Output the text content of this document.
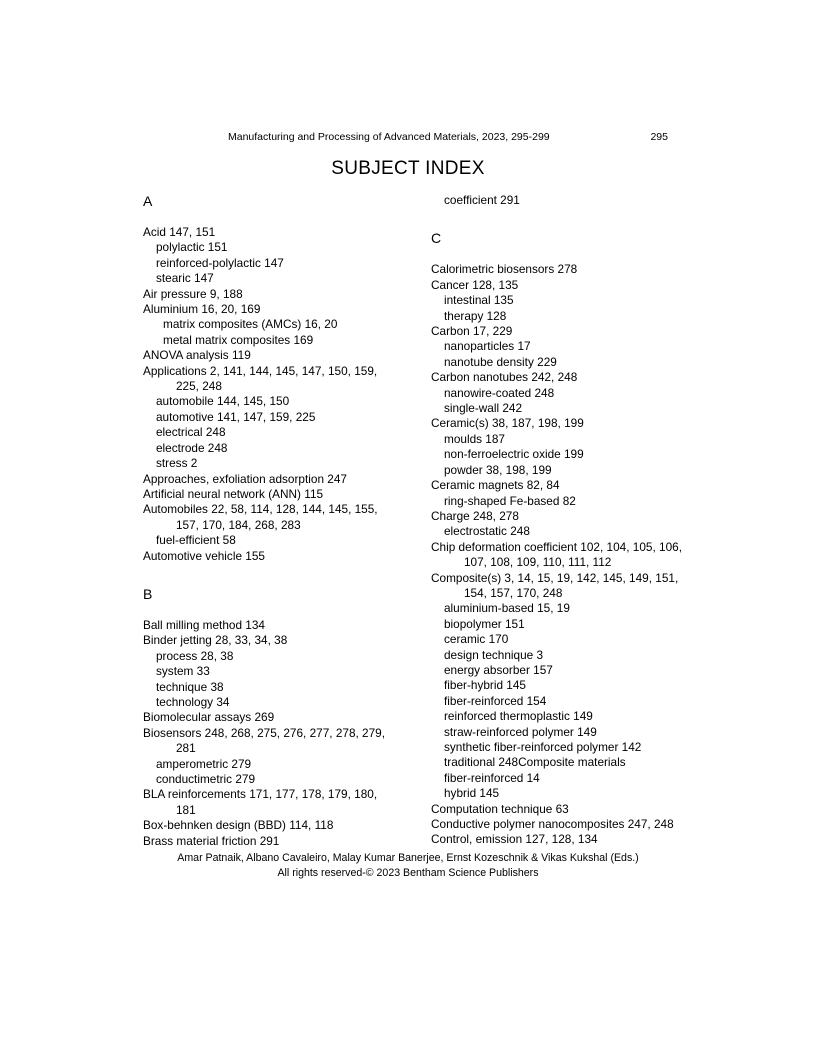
Manufacturing and Processing of Advanced Materials, 2023, 295-299	295
SUBJECT INDEX
A
Acid 147, 151
polylactic 151
reinforced-polylactic 147
stearic 147
Air pressure 9, 188
Aluminium 16, 20, 169
matrix composites (AMCs) 16, 20
metal matrix composites 169
ANOVA analysis 119
Applications 2, 141, 144, 145, 147, 150, 159, 225, 248
automobile 144, 145, 150
automotive 141, 147, 159, 225
electrical 248
electrode 248
stress 2
Approaches, exfoliation adsorption 247
Artificial neural network (ANN) 115
Automobiles 22, 58, 114, 128, 144, 145, 155, 157, 170, 184, 268, 283
fuel-efficient 58
Automotive vehicle 155
B
Ball milling method 134
Binder jetting 28, 33, 34, 38
process 28, 38
system 33
technique 38
technology 34
Biomolecular assays 269
Biosensors 248, 268, 275, 276, 277, 278, 279, 281
amperometric 279
conductimetric 279
BLA reinforcements 171, 177, 178, 179, 180, 181
Box-behnken design (BBD) 114, 118
Brass material friction 291
coefficient 291
C
Calorimetric biosensors 278
Cancer 128, 135
intestinal 135
therapy 128
Carbon 17, 229
nanoparticles 17
nanotube density 229
Carbon nanotubes 242, 248
nanowire-coated 248
single-wall 242
Ceramic(s) 38, 187, 198, 199
moulds 187
non-ferroelectric oxide 199
powder 38, 198, 199
Ceramic magnets 82, 84
ring-shaped Fe-based 82
Charge 248, 278
electrostatic 248
Chip deformation coefficient 102, 104, 105, 106, 107, 108, 109, 110, 111, 112
Composite(s) 3, 14, 15, 19, 142, 145, 149, 151, 154, 157, 170, 248
aluminium-based 15, 19
biopolymer 151
ceramic 170
design technique 3
energy absorber 157
fiber-hybrid 145
fiber-reinforced 154
reinforced thermoplastic 149
straw-reinforced polymer 149
synthetic fiber-reinforced polymer 142
traditional 248Composite materials
fiber-reinforced 14
hybrid 145
Computation technique 63
Conductive polymer nanocomposites 247, 248
Control, emission 127, 128, 134
Amar Patnaik, Albano Cavaleiro, Malay Kumar Banerjee, Ernst Kozeschnik & Vikas Kukshal (Eds.)
All rights reserved-© 2023 Bentham Science Publishers
